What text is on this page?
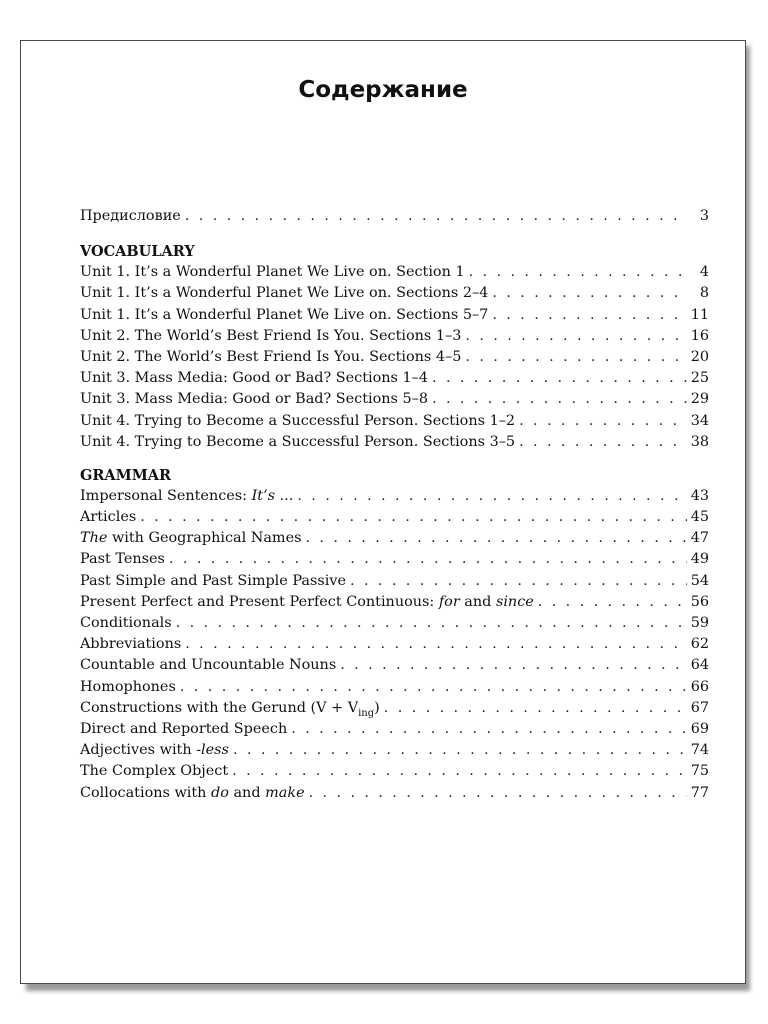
Содержание
Предисловие . . .	3
VOCABULARY
Unit 1. It’s a Wonderful Planet We Live on. Section 1 . . .	4
Unit 1. It’s a Wonderful Planet We Live on. Sections 2–4 . . .	8
Unit 1. It’s a Wonderful Planet We Live on. Sections 5–7 . . .	11
Unit 2. The World’s Best Friend Is You. Sections 1–3 . . .	16
Unit 2. The World’s Best Friend Is You. Sections 4–5 . . .	20
Unit 3. Mass Media: Good or Bad? Sections 1–4 . . .	25
Unit 3. Mass Media: Good or Bad? Sections 5–8 . . .	29
Unit 4. Trying to Become a Successful Person. Sections 1–2 . . .	34
Unit 4. Trying to Become a Successful Person. Sections 3–5 . . .	38
GRAMMAR
Impersonal Sentences: It’s ... . . .	43
Articles . . .	45
The with Geographical Names . . .	47
Past Tenses . . .	49
Past Simple and Past Simple Passive . . .	54
Present Perfect and Present Perfect Continuous: for and since . . .	56
Conditionals . . .	59
Abbreviations . . .	62
Countable and Uncountable Nouns . . .	64
Homophones . . .	66
Constructions with the Gerund $(V + V_{ing})$ . . .	67
Direct and Reported Speech . . .	69
Adjectives with -less . . .	74
The Complex Object . . .	75
Collocations with do and make . . .	77
